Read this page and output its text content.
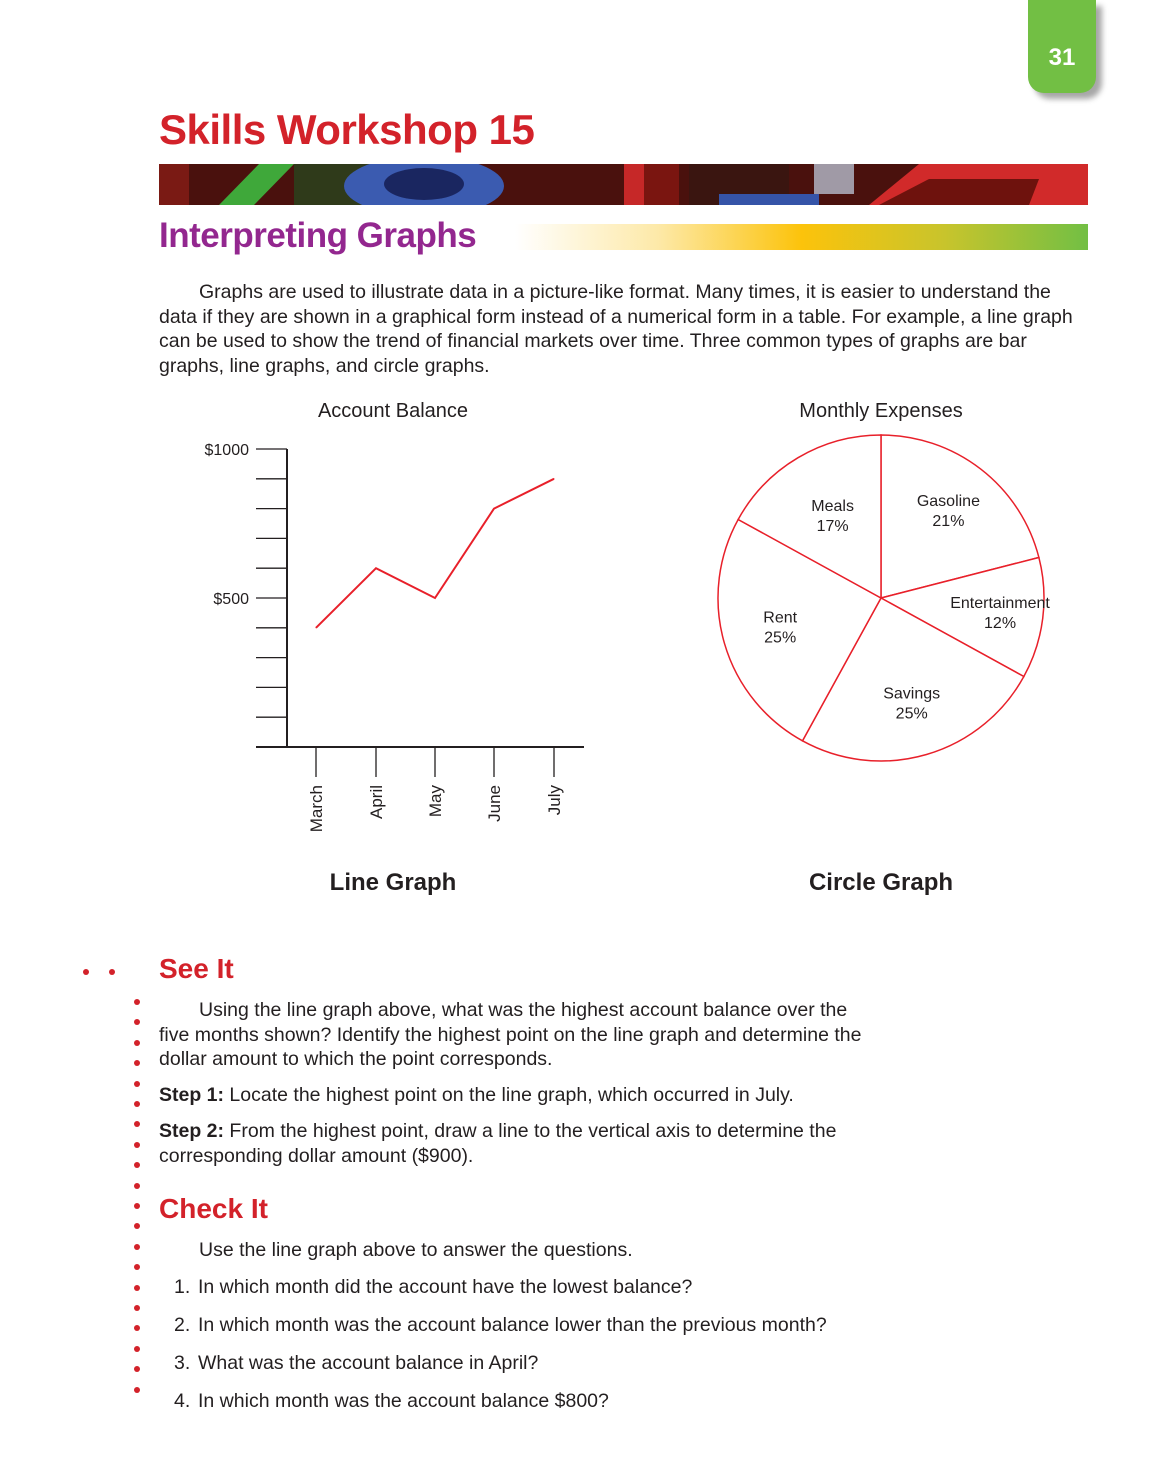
31
Skills Workshop 15
Interpreting Graphs
Graphs are used to illustrate data in a picture-like format. Many times, it is easier to understand the data if they are shown in a graphical form instead of a numerical form in a table. For example, a line graph can be used to show the trend of financial markets over time. Three common types of graphs are bar graphs, line graphs, and circle graphs.
Account Balance
$1000
$500
March April May June July
Line Graph
Monthly Expenses
Gasoline
21%
Entertainment
12%
Savings
25%
Rent
25%
Meals
17%
Circle Graph
See It
Using the line graph above, what was the highest account balance over the five months shown? Identify the highest point on the line graph and determine the dollar amount to which the point corresponds.
Step 1: Locate the highest point on the line graph, which occurred in July.
Step 2: From the highest point, draw a line to the vertical axis to determine the corresponding dollar amount ($900).
Check It
Use the line graph above to answer the questions.
1. In which month did the account have the lowest balance?
2. In which month was the account balance lower than the previous month?
3. What was the account balance in April?
4. In which month was the account balance $800?
